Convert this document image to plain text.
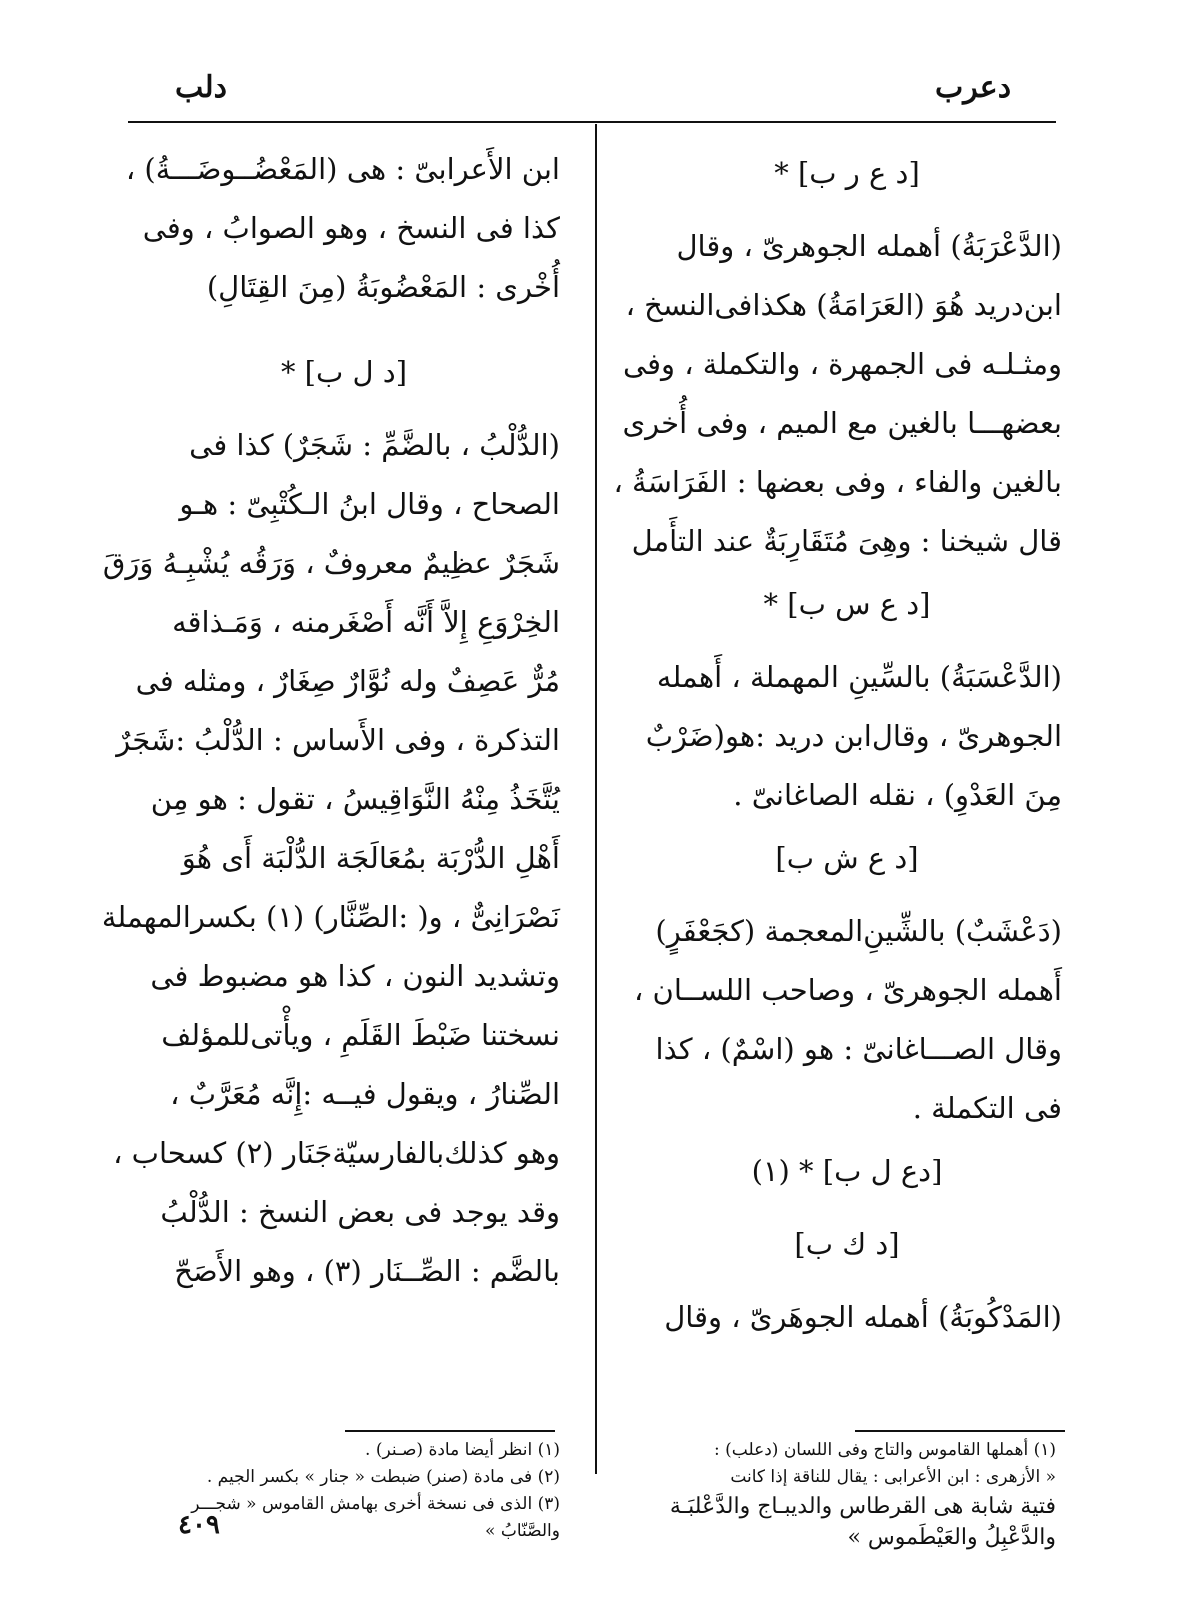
دعرب
دلب
[د ع ر ب] *
(الدَّعْرَبَةُ) أهمله الجوهرىّ ، وقال
ابن‌دريد هُوَ (العَرَامَةُ) هكذافى‌النسخ ،
ومثـلـه فى الجمهرة ، والتكملة ، وفى
بعضهـــا بالغين مع الميم ، وفى أُخرى
بالغين والفاء ، وفى بعضها : الفَرَاسَةُ ،
قال شيخنا : وهِىَ مُتَقَارِبَةٌ عند التأَمل
[د ع س ب] *
(الدَّعْسَبَةُ) بالسِّينِ المهملة ، أَهمله
الجوهرىّ ، وقال‌ابن دريد :هو(ضَرْبٌ
مِنَ العَدْوِ) ، نقله الصاغانىّ .
[د ع ش ب]
(دَعْشَبٌ) بالشِّينِ‌المعجمة (كجَعْفَرٍ)
أَهمله الجوهرىّ ، وصاحب اللســان ،
وقال الصـــاغانىّ : هو (اسْمٌ) ، كذا
فى التكملة .
[دع ل ب] * (١)
[د ك ب]
(المَدْكُوبَةُ) أهمله الجوهَرىّ ، وقال
ابن الأَعرابىّ : هى (المَعْضُــوضَـــةُ) ،
كذا فى النسخ ، وهو الصوابُ ، وفى
أُخْرى : المَعْضُوبَةُ (مِنَ القِتَالِ)
[د ل ب] *
(الدُّلْبُ ، بالضَّمِّ : شَجَرٌ) كذا فى
الصحاح ، وقال ابنُ الـكُتْبِىّ : هـو
شَجَرٌ عظِيمٌ معروفٌ ، وَرَقُه يُشْبِـهُ وَرَقَ
الخِرْوَعِ إِلاَّ أَنَّه أَصْغَرمنه ، وَمَـذاقه
مُرٌّ عَصِفٌ وله نُوَّارٌ صِغَارٌ ، ومثله فى
التذكرة ، وفى الأَساس : الدُّلْبُ :شَجَرٌ
يُتَّخَذُ مِنْهُ النَّوَاقِيسُ ، تقول : هو مِن
أَهْلِ الدُّرْبَة بمُعَالَجَة الدُّلْبَة أَى هُوَ
نَصْرَانِىٌّ ، و( :الصِّنَّار) (١) بكسرالمهملة
وتشديد النون ، كذا هو مضبوط فى
نسختنا ضَبْطَ القَلَمِ ، ويأْتى‌للمؤلف
الصِّنارُ ، ويقول فيــه :إِنَّه مُعَرَّبٌ ،
وهو كذلك‌بالفارسيّة‌جَنَار (٢) كسحاب ،
وقد يوجد فى بعض النسخ : الدُّلْبُ
بالضَّم : الصِّــنَار (٣) ، وهو الأَصَحّ
(١) أهملها القاموس والتاج وفى اللسان (دعلب) :
« الأزهرى : ابن الأعرابى : يقال للناقة إذا كانت
فتية شابة هى القرطاس والديبـاج والدَّعْلبَـة
والدَّعْبِلُ والعَيْطَموس »
(١) انظر أيضا مادة (صـنر) .
(٢) فى مادة (صنر) ضبطت « جنار » بكسر الجيم .
(٣) الذى فى نسخة أخرى بهامش القاموس « شجـــر
والصَّنّابُ »
٤٠٩
